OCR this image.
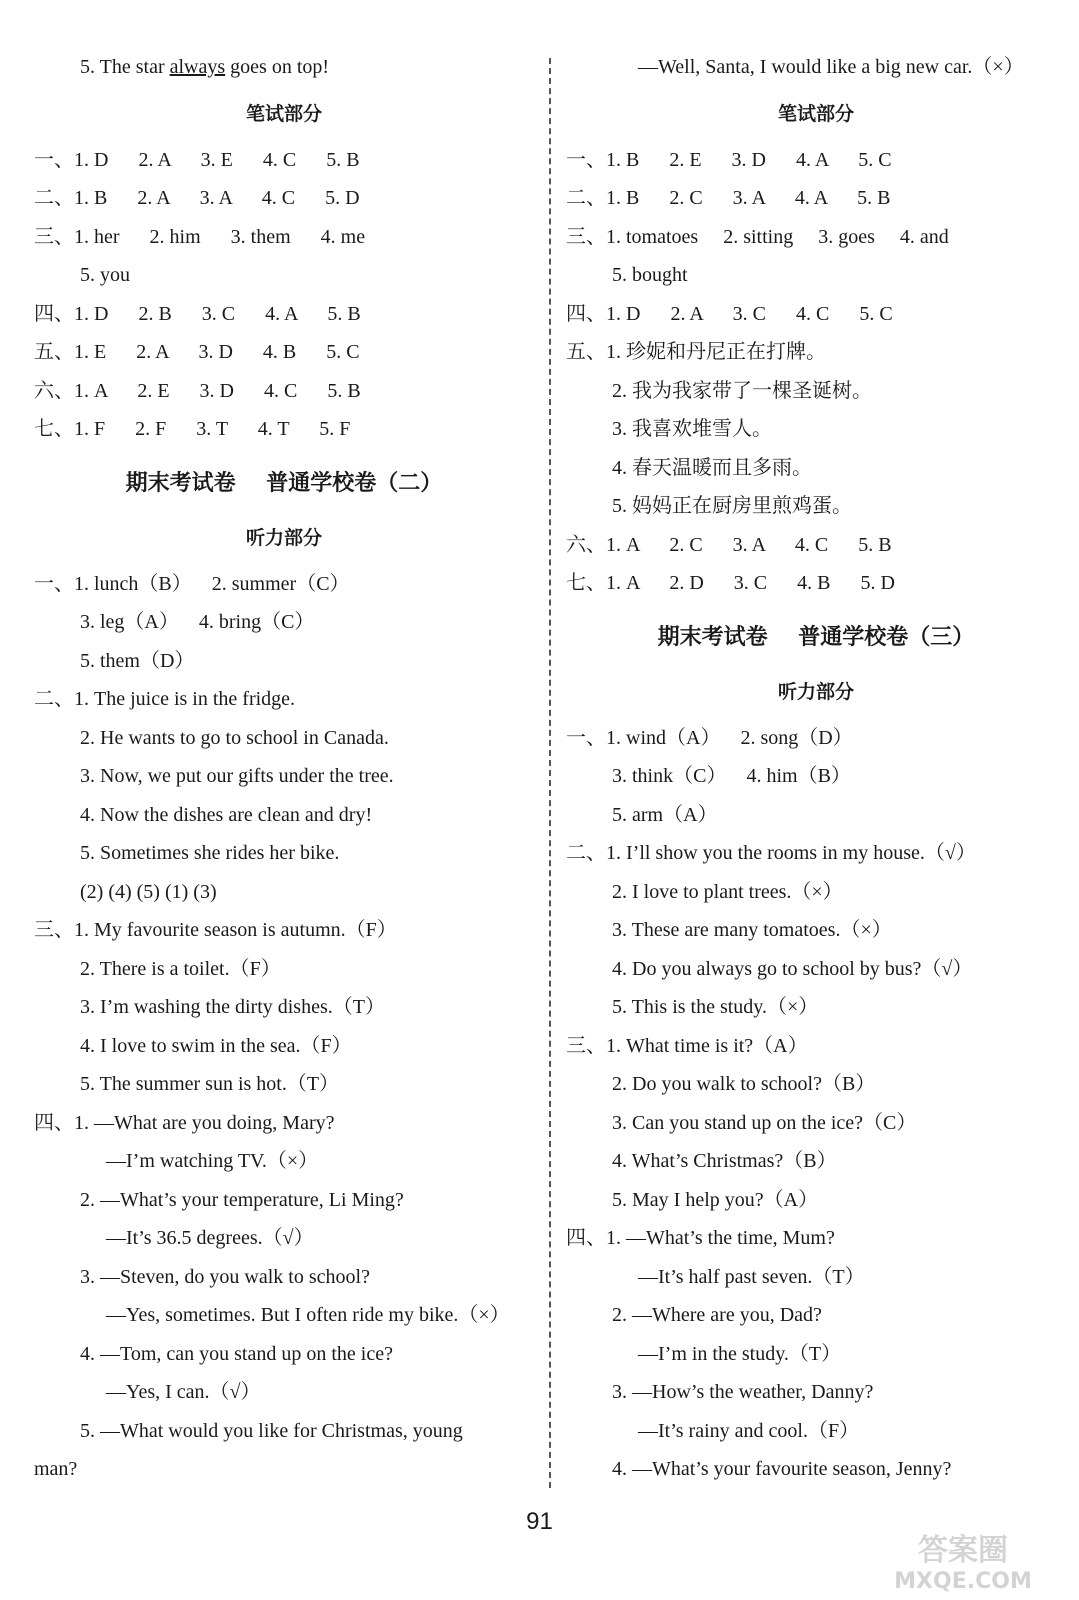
5. The star always goes on top!
笔试部分
一、1. D      2. A      3. E      4. C      5. B
二、1. B      2. A      3. A      4. C      5. D
三、1. her      2. him      3. them      4. me
5. you
四、1. D      2. B      3. C      4. A      5. B
五、1. E      2. A      3. D      4. B      5. C
六、1. A      2. E      3. D      4. C      5. B
七、1. F      2. F      3. T      4. T      5. F
期末考试卷    普通学校卷（二）
听力部分
一、1. lunch（B）    2. summer（C）
3. leg（A）    4. bring（C）
5. them（D）
二、1. The juice is in the fridge.
2. He wants to go to school in Canada.
3. Now, we put our gifts under the tree.
4. Now the dishes are clean and dry!
5. Sometimes she rides her bike.
(2) (4) (5) (1) (3)
三、1. My favourite season is autumn.（F）
2. There is a toilet.（F）
3. I’m washing the dirty dishes.（T）
4. I love to swim in the sea.（F）
5. The summer sun is hot.（T）
四、1. —What are you doing, Mary?
—I’m watching TV.（×）
2. —What’s your temperature, Li Ming?
—It’s 36.5 degrees.（√）
3. —Steven, do you walk to school?
—Yes, sometimes. But I often ride my bike.（×）
4. —Tom, can you stand up on the ice?
—Yes, I can.（√）
5. —What would you like for Christmas, young
man?
—Well, Santa, I would like a big new car.（×）
笔试部分
一、1. B      2. E      3. D      4. A      5. C
二、1. B      2. C      3. A      4. A      5. B
三、1. tomatoes     2. sitting     3. goes     4. and
5. bought
四、1. D      2. A      3. C      4. C      5. C
五、1. 珍妮和丹尼正在打牌。
2. 我为我家带了一棵圣诞树。
3. 我喜欢堆雪人。
4. 春天温暖而且多雨。
5. 妈妈正在厨房里煎鸡蛋。
六、1. A      2. C      3. A      4. C      5. B
七、1. A      2. D      3. C      4. B      5. D
期末考试卷    普通学校卷（三）
听力部分
一、1. wind（A）    2. song（D）
3. think（C）    4. him（B）
5. arm（A）
二、1. I’ll show you the rooms in my house.（√）
2. I love to plant trees.（×）
3. These are many tomatoes.（×）
4. Do you always go to school by bus?（√）
5. This is the study.（×）
三、1. What time is it?（A）
2. Do you walk to school?（B）
3. Can you stand up on the ice?（C）
4. What’s Christmas?（B）
5. May I help you?（A）
四、1. —What’s the time, Mum?
—It’s half past seven.（T）
2. —Where are you, Dad?
—I’m in the study.（T）
3. —How’s the weather, Danny?
—It’s rainy and cool.（F）
4. —What’s your favourite season, Jenny?
91
答案圈
MXQE.COM
